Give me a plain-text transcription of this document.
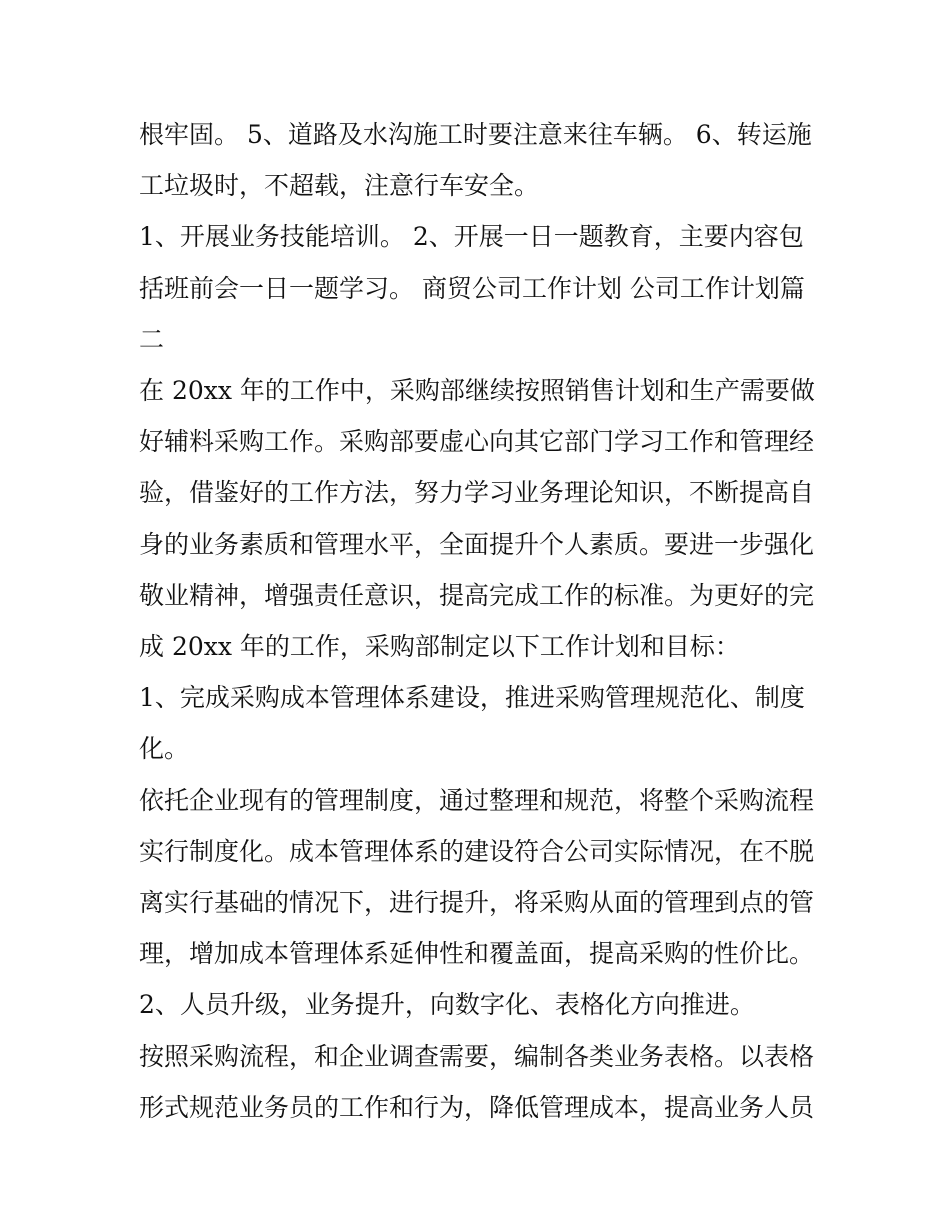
根牢固。 5、道路及水沟施工时要注意来往车辆。 6、转运施

工垃圾时，不超载，注意行车安全。

1、开展业务技能培训。 2、开展一日一题教育，主要内容包

括班前会一日一题学习。 商贸公司工作计划 公司工作计划篇

二

在 20xx 年的工作中，采购部继续按照销售计划和生产需要做

好辅料采购工作。采购部要虚心向其它部门学习工作和管理经

验，借鉴好的工作方法，努力学习业务理论知识，不断提高自

身的业务素质和管理水平，全面提升个人素质。要进一步强化

敬业精神，增强责任意识，提高完成工作的标准。为更好的完

成 20xx 年的工作，采购部制定以下工作计划和目标：

1、完成采购成本管理体系建设，推进采购管理规范化、制度

化。

依托企业现有的管理制度，通过整理和规范，将整个采购流程

实行制度化。成本管理体系的建设符合公司实际情况，在不脱

离实行基础的情况下，进行提升，将采购从面的管理到点的管

理，增加成本管理体系延伸性和覆盖面，提高采购的性价比。

2、人员升级，业务提升，向数字化、表格化方向推进。

按照采购流程，和企业调查需要，编制各类业务表格。以表格

形式规范业务员的工作和行为，降低管理成本，提高业务人员
